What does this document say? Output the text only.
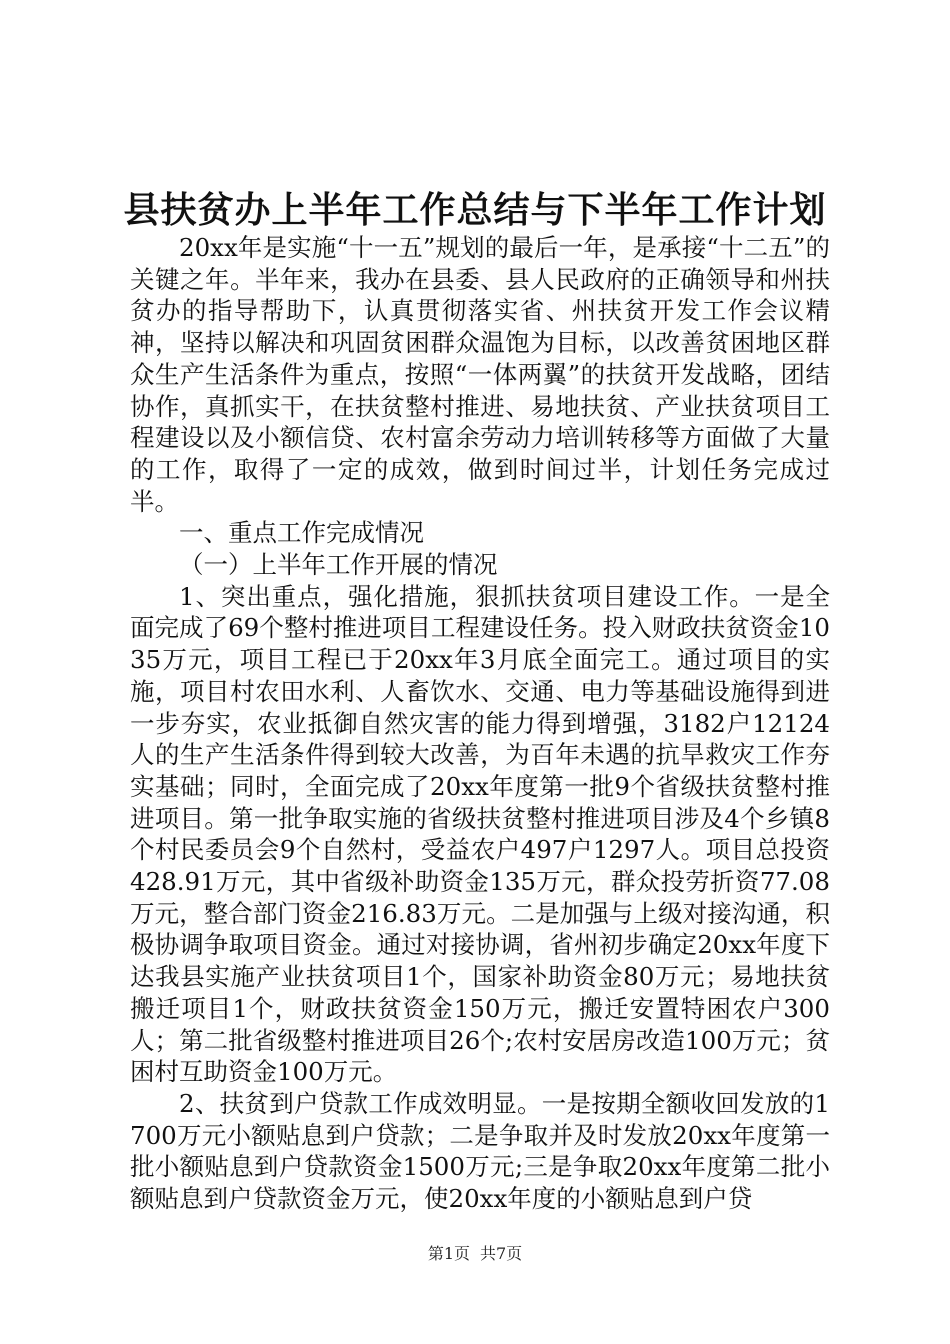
县扶贫办上半年工作总结与下半年工作计划

20xx年是实施“十一五”规划的最后一年，是承接“十二五”的关键之年。半年来，我办在县委、县人民政府的正确领导和州扶贫办的指导帮助下，认真贯彻落实省、州扶贫开发工作会议精神，坚持以解决和巩固贫困群众温饱为目标，以改善贫困地区群众生产生活条件为重点，按照“一体两翼”的扶贫开发战略，团结协作，真抓实干，在扶贫整村推进、易地扶贫、产业扶贫项目工程建设以及小额信贷、农村富余劳动力培训转移等方面做了大量的工作，取得了一定的成效，做到时间过半，计划任务完成过半。

一、重点工作完成情况

（一）上半年工作开展的情况

1、突出重点，强化措施，狠抓扶贫项目建设工作。一是全面完成了69个整村推进项目工程建设任务。投入财政扶贫资金1035万元，项目工程已于20xx年3月底全面完工。通过项目的实施，项目村农田水利、人畜饮水、交通、电力等基础设施得到进一步夯实，农业抵御自然灾害的能力得到增强，3182户12124人的生产生活条件得到较大改善，为百年未遇的抗旱救灾工作夯实基础；同时，全面完成了20xx年度第一批9个省级扶贫整村推进项目。第一批争取实施的省级扶贫整村推进项目涉及4个乡镇8个村民委员会9个自然村，受益农户497户1297人。项目总投资428.91万元，其中省级补助资金135万元，群众投劳折资77.08万元，整合部门资金216.83万元。二是加强与上级对接沟通，积极协调争取项目资金。通过对接协调，省州初步确定20xx年度下达我县实施产业扶贫项目1个，国家补助资金80万元；易地扶贫搬迁项目1个，财政扶贫资金150万元，搬迁安置特困农户300人；第二批省级整村推进项目26个;农村安居房改造100万元；贫困村互助资金100万元。

2、扶贫到户贷款工作成效明显。一是按期全额收回发放的1700万元小额贴息到户贷款；二是争取并及时发放20xx年度第一批小额贴息到户贷款资金1500万元;三是争取20xx年度第二批小额贴息到户贷款资金万元，使20xx年度的小额贴息到户贷

第1页 共7页
